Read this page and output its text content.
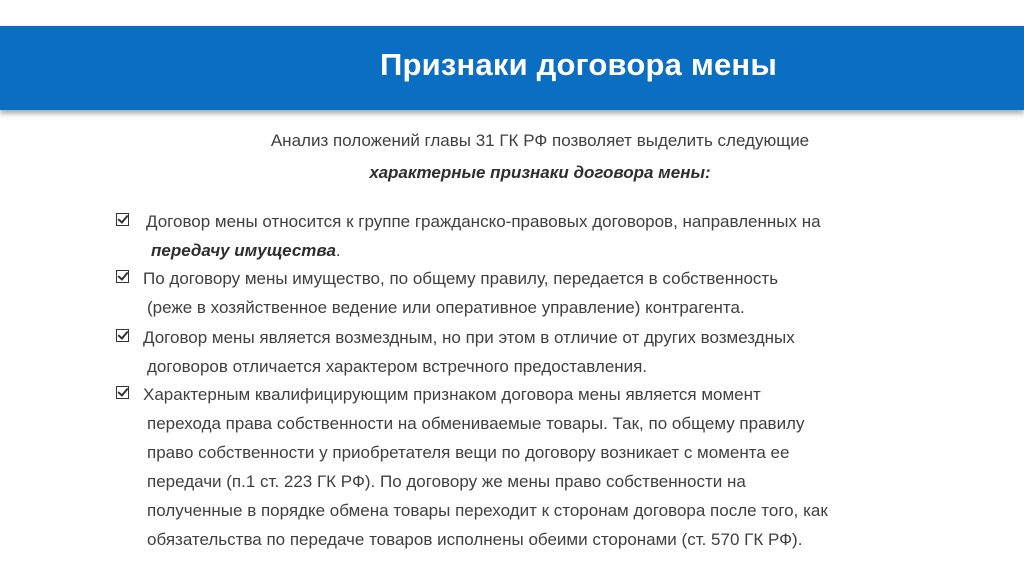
Признаки договора мены
Анализ положений главы 31 ГК РФ позволяет выделить следующие
характерные признаки договора мены:
Договор мены относится к группе гражданско-правовых договоров, направленных на
передачу имущества.
По договору мены имущество, по общему правилу, передается в собственность
(реже в хозяйственное ведение или оперативное управление) контрагента.
Договор мены является возмездным, но при этом в отличие от других возмездных
договоров отличается характером встречного предоставления.
Характерным квалифицирующим признаком договора мены является момент
перехода права собственности на обмениваемые товары. Так, по общему правилу
право собственности у приобретателя вещи по договору возникает с момента ее
передачи (п.1 ст. 223 ГК РФ). По договору же мены право собственности на
полученные в порядке обмена товары переходит к сторонам договора после того, как
обязательства по передаче товаров исполнены обеими сторонами (ст. 570 ГК РФ).
